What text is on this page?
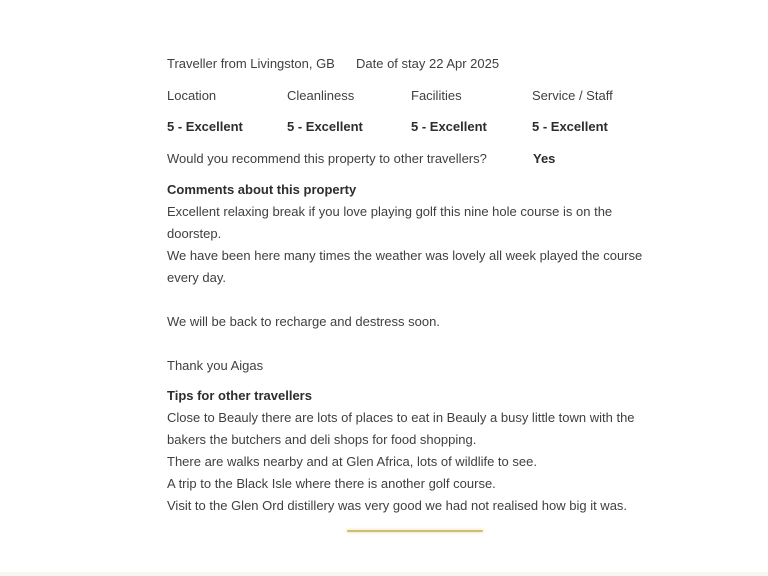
Traveller from Livingston, GB	Date of stay 22 Apr 2025
Location	Cleanliness	Facilities	Service / Staff
5 - Excellent	5 - Excellent	5 - Excellent	5 - Excellent
Would you recommend this property to other travellers?	Yes
Comments about this property
Excellent relaxing break if you love playing golf this nine hole course is on the
doorstep.
We have been here many times the weather was lovely all week played the course
every day.
We will be back to recharge and destress soon.
Thank you Aigas
Tips for other travellers
Close to Beauly there are lots of places to eat in Beauly a busy little town with the
bakers the butchers and deli shops for food shopping.
There are walks nearby and at Glen Africa, lots of wildlife to see.
A trip to the Black Isle where there is another golf course.
Visit to the Glen Ord distillery was very good we had not realised how big it was.
